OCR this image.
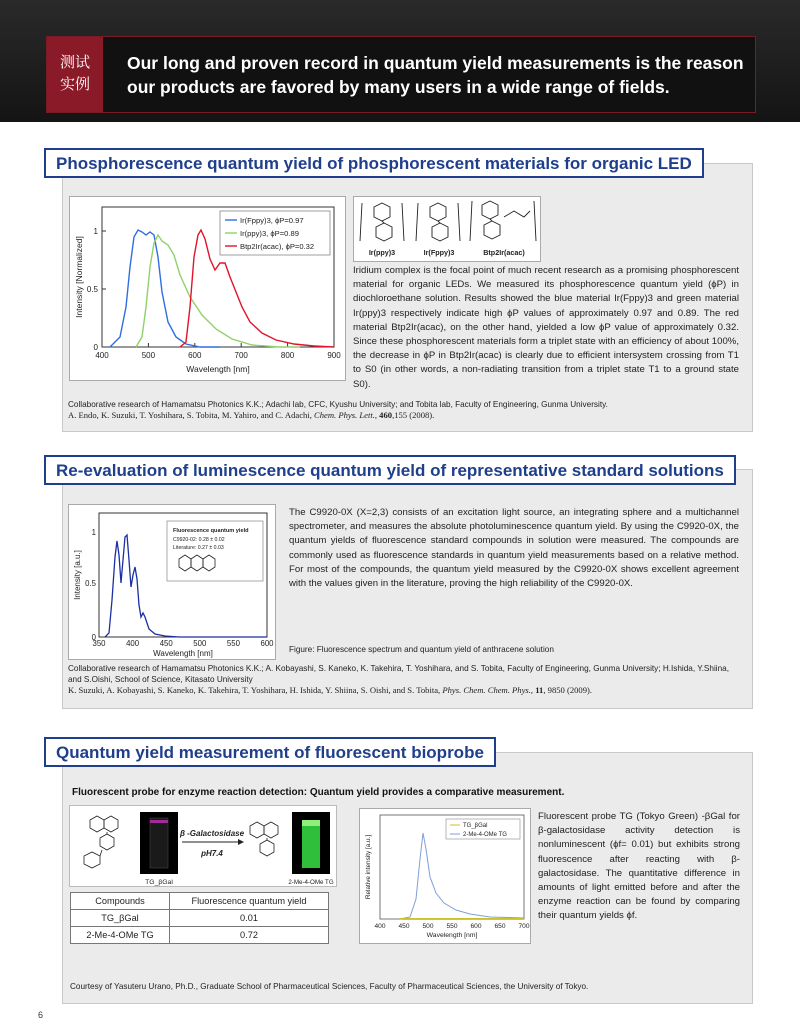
测试
实例
Our long and proven record in quantum yield measurements is the reason our products are favored by many users in a wide range of fields.
Phosphorescence quantum yield of phosphorescent materials for organic LED
400	500	600	700	800	900
0
0.5
1
Wavelength [nm]
Intensity [Normalized]
Ir(Fppy)3, ϕP=0.97
Ir(ppy)3, ϕP=0.89
Btp2Ir(acac), ϕP=0.32
Ir(ppy)3	Ir(Fppy)3	Btp2Ir(acac)
Iridium complex is the focal point of much recent research as a promising phosphorescent material for organic LEDs. We measured its phosphorescence quantum yield (ϕP) in diochloroethane solution. Results showed the blue material Ir(Fppy)3 and green material Ir(ppy)3 respectively indicate high ϕP values of approximately 0.97 and 0.89. The red material Btp2Ir(acac), on the other hand, yielded a low ϕP value of approximately 0.32. Since these phosphorescent materials form a triplet state with an efficiency of about 100%, the decrease in ϕP in Btp2Ir(acac) is clearly due to efficient intersystem crossing from T1 to S0 (in other words, a non-radiating transition from a triplet state T1 to a ground state S0).
Collaborative research of Hamamatsu Photonics K.K.; Adachi lab, CFC, Kyushu University; and Tobita lab, Faculty of Engineering, Gunma University.
A. Endo, K. Suzuki, T. Yoshihara, S. Tobita, M. Yahiro, and C. Adachi, Chem. Phys. Lett., 460,155 (2008).
Re-evaluation of luminescence quantum yield of representative standard solutions
350	400	450	500	550	600
0
0.5
1
Wavelength [nm]
Intensity [a.u.]
Fluorescence quantum yield
C9920-02: 0.28 ± 0.02
Literature: 0.27 ± 0.03
The C9920-0X (X=2,3) consists of an excitation light source, an integrating sphere and a multichannel spectrometer, and measures the absolute photoluminescence quantum yield. By using the C9920-0X, the quantum yields of fluorescence standard compounds in solution were measured. The compounds are commonly used as fluorescence standards in quantum yield measurements based on a relative method. For most of the compounds, the quantum yield measured by the C9920-0X shows excellent agreement with the values given in the literature, proving the high reliability of the C9920-0X.
Figure: Fluorescence spectrum and quantum yield of anthracene solution
Collaborative research of Hamamatsu Photonics K.K.; A. Kobayashi, S. Kaneko, K. Takehira, T. Yoshihara, and S. Tobita, Faculty of Engineering, Gunma University; H.Ishida, Y.Shiina, and S.Oishi, School of Science, Kitasato University
K. Suzuki, A. Kobayashi, S. Kaneko, K. Takehira, T. Yoshihara, H. Ishida, Y. Shiina, S. Oishi, and S. Tobita, Phys. Chem. Chem. Phys., 11, 9850 (2009).
Quantum yield measurement of fluorescent bioprobe
Fluorescent probe for enzyme reaction detection: Quantum yield provides a comparative measurement.
TG_βGal
β -Galactosidase
pH7.4
2-Me-4-OMe TG
Compounds	Fluorescence quantum yield
TG_βGal	0.01
2-Me-4-OMe TG	0.72
400 450 500 550 600 650 700
Wavelength [nm]
Relative intensity [a.u.]
TG_βGal
2-Me-4-OMe TG
Fluorescent probe TG (Tokyo Green) -βGal for β-galactosidase activity detection is nonluminescent (ϕf= 0.01) but exhibits strong fluorescence after reacting with β-galactosidase. The quantitative difference in amounts of light emitted before and after the enzyme reaction can be found by comparing their quantum yields ϕf.
Courtesy of Yasuteru Urano, Ph.D., Graduate School of Pharmaceutical Sciences, Faculty of Pharmaceutical Sciences, the University of Tokyo.
6
